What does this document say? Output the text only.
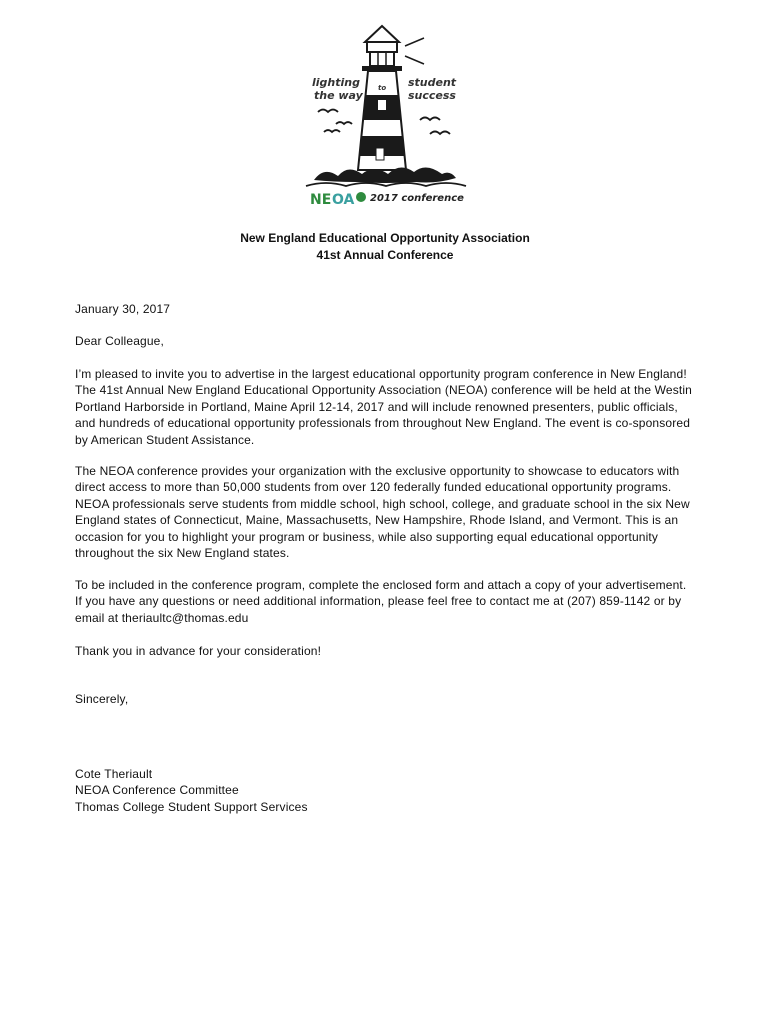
lighting
the way
to student
success
NE OA 2017 conference
New England Educational Opportunity Association
41st Annual Conference

January 30, 2017

Dear Colleague,

I’m pleased to invite you to advertise in the largest educational opportunity program conference in New England! The 41st Annual New England Educational Opportunity Association (NEOA) conference will be held at the Westin Portland Harborside in Portland, Maine April 12-14, 2017 and will include renowned presenters, public officials, and hundreds of educational opportunity professionals from throughout New England. The event is co-sponsored by American Student Assistance.

The NEOA conference provides your organization with the exclusive opportunity to showcase to educators with direct access to more than 50,000 students from over 120 federally funded educational opportunity programs. NEOA professionals serve students from middle school, high school, college, and graduate school in the six New England states of Connecticut, Maine, Massachusetts, New Hampshire, Rhode Island, and Vermont. This is an occasion for you to highlight your program or business, while also supporting equal educational opportunity throughout the six New England states.

To be included in the conference program, complete the enclosed form and attach a copy of your advertisement. If you have any questions or need additional information, please feel free to contact me at (207) 859-1142 or by email at theriaultc@thomas.edu

Thank you in advance for your consideration!

Sincerely,

Cote Theriault
NEOA Conference Committee
Thomas College Student Support Services
